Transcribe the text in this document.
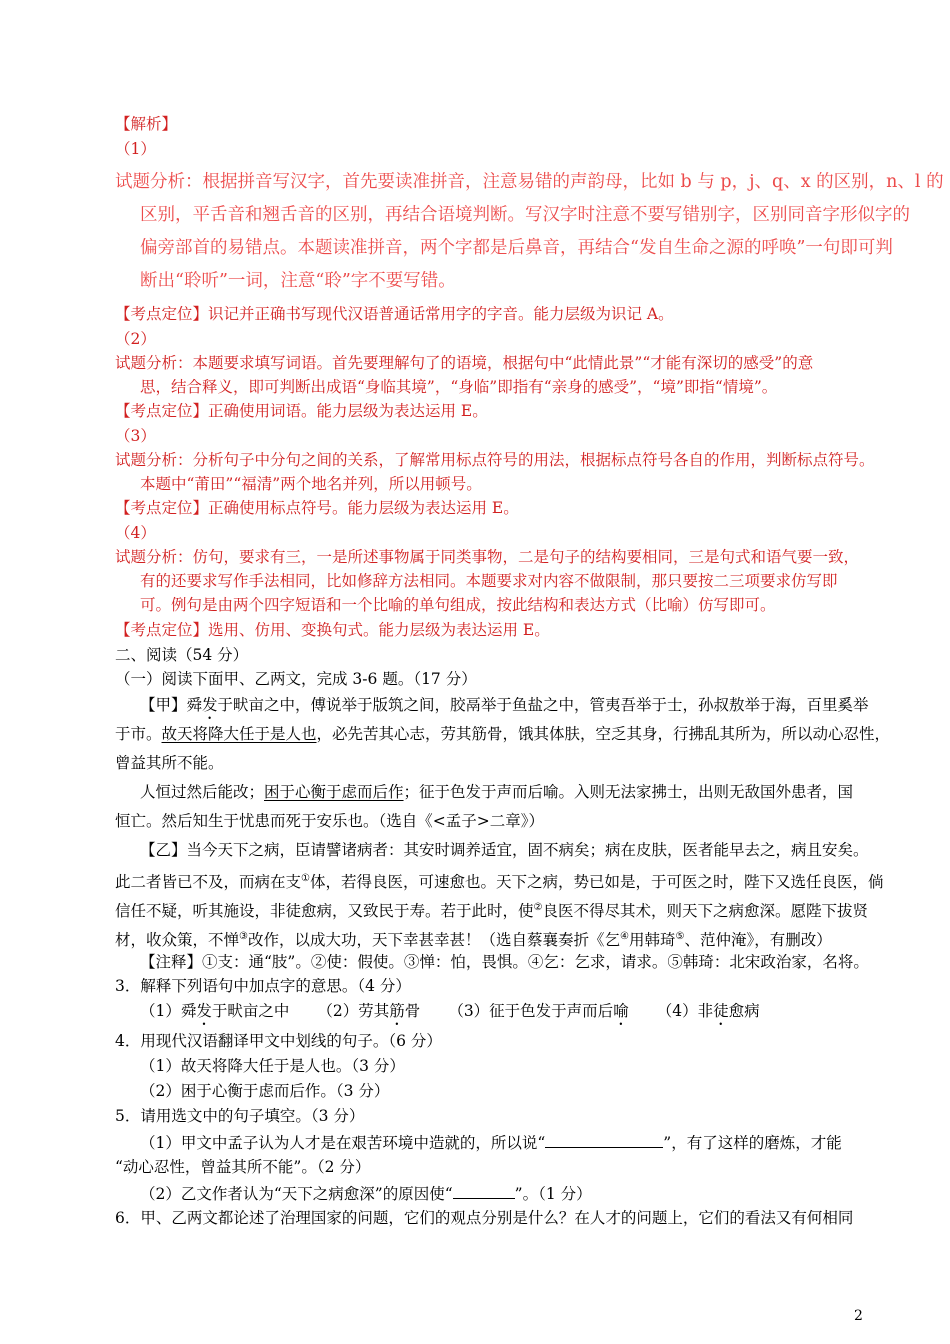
【解析】
（1）
试题分析：根据拼音写汉字，首先要读准拼音，注意易错的声韵母，比如 b 与 p，j、q、x 的区别，n、l 的
区别，平舌音和翘舌音的区别，再结合语境判断。写汉字时注意不要写错别字，区别同音字形似字的
偏旁部首的易错点。本题读准拼音，两个字都是后鼻音，再结合“发自生命之源的呼唤”一句即可判
断出“聆听”一词，注意“聆”字不要写错。
【考点定位】识记并正确书写现代汉语普通话常用字的字音。能力层级为识记 A。
（2）
试题分析：本题要求填写词语。首先要理解句了的语境，根据句中“此情此景”“才能有深切的感受”的意
思，结合释义，即可判断出成语“身临其境”，“身临”即指有“亲身的感受”，“境”即指“情境”。
【考点定位】正确使用词语。能力层级为表达运用 E。
（3）
试题分析：分析句子中分句之间的关系，了解常用标点符号的用法，根据标点符号各自的作用，判断标点符号。
本题中“莆田”“福清”两个地名并列，所以用顿号。
【考点定位】正确使用标点符号。能力层级为表达运用 E。
（4）
试题分析：仿句，要求有三，一是所述事物属于同类事物，二是句子的结构要相同，三是句式和语气要一致，
有的还要求写作手法相同，比如修辞方法相同。本题要求对内容不做限制，那只要按二三项要求仿写即
可。例句是由两个四字短语和一个比喻的单句组成，按此结构和表达方式（比喻）仿写即可。
【考点定位】选用、仿用、变换句式。能力层级为表达运用 E。
二、阅读（54 分）
（一）阅读下面甲、乙两文，完成 3-6 题。（17 分）
【甲】舜发于畎亩之中，傅说举于版筑之间，胶鬲举于鱼盐之中，管夷吾举于士，孙叔敖举于海，百里奚举
于市。故天将降大任于是人也，必先苦其心志，劳其筋骨，饿其体肤，空乏其身，行拂乱其所为，所以动心忍性，
曾益其所不能。
人恒过然后能改；困于心衡于虑而后作；征于色发于声而后喻。入则无法家拂士，出则无敌国外患者，国
恒亡。然后知生于忧患而死于安乐也。（选自《<孟子>二章》）
【乙】当今天下之病，臣请譬诸病者：其安时调养适宜，固不病矣；病在皮肤，医者能早去之，病且安矣。
此二者皆已不及，而病在支①体，若得良医，可速愈也。天下之病，势已如是，于可医之时，陛下又选任良医，倘
信任不疑，听其施设，非徒愈病，又致民于寿。若于此时，使②良医不得尽其术，则天下之病愈深。愿陛下拔贤
材，收众策，不惮③改作，以成大功，天下幸甚幸甚！（选自蔡襄奏折《乞④用韩琦⑤、范仲淹》，有删改）
【注释】①支：通“肢”。②使：假使。③惮：怕，畏惧。④乞：乞求，请求。⑤韩琦：北宋政治家，名将。
3．解释下列语句中加点字的意思。（4 分）
（1）舜发于畎亩之中 （2）劳其筋骨 （3）征于色发于声而后喻 （4）非徒愈病
4．用现代汉语翻译甲文中划线的句子。（6 分）
（1）故天将降大任于是人也。（3 分）
（2）困于心衡于虑而后作。（3 分）
5．请用选文中的句子填空。（3 分）
（1）甲文中孟子认为人才是在艰苦环境中造就的，所以说“	”，有了这样的磨炼，才能
“动心忍性，曾益其所不能”。（2 分）
（2）乙文作者认为“天下之病愈深”的原因使“	”。（1 分）
6．甲、乙两文都论述了治理国家的问题，它们的观点分别是什么？在人才的问题上，它们的看法又有何相同
2
